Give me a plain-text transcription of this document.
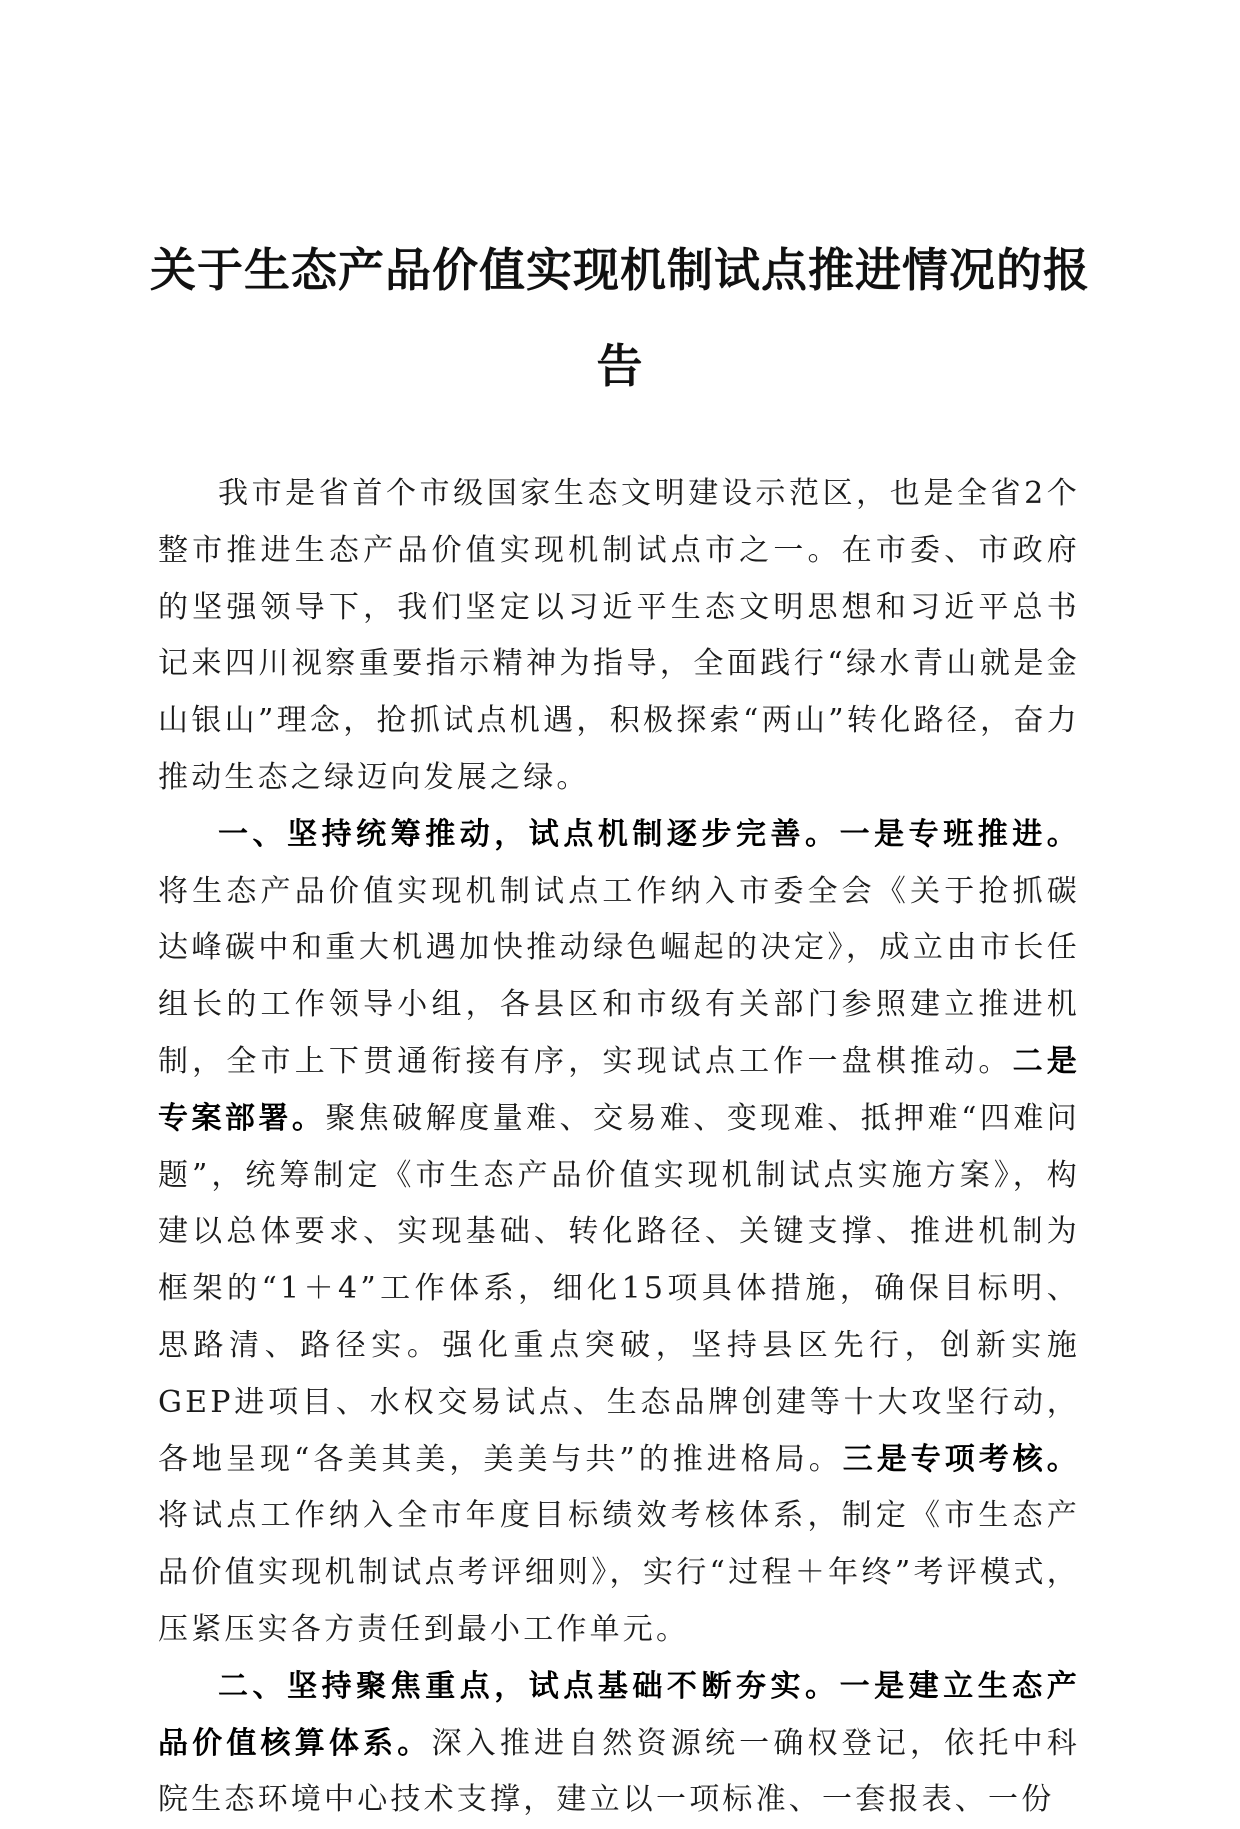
关于生态产品价值实现机制试点推进情况的报告

我市是省首个市级国家生态文明建设示范区，也是全省2个整市推进生态产品价值实现机制试点市之一。在市委、市政府的坚强领导下，我们坚定以习近平生态文明思想和习近平总书记来四川视察重要指示精神为指导，全面践行“绿水青山就是金山银山”理念，抢抓试点机遇，积极探索“两山”转化路径，奋力推动生态之绿迈向发展之绿。

一、坚持统筹推动，试点机制逐步完善。一是专班推进。将生态产品价值实现机制试点工作纳入市委全会《关于抢抓碳达峰碳中和重大机遇加快推动绿色崛起的决定》，成立由市长任组长的工作领导小组，各县区和市级有关部门参照建立推进机制，全市上下贯通衔接有序，实现试点工作一盘棋推动。二是专案部署。聚焦破解度量难、交易难、变现难、抵押难“四难问题”，统筹制定《市生态产品价值实现机制试点实施方案》，构建以总体要求、实现基础、转化路径、关键支撑、推进机制为框架的“1＋4”工作体系，细化15项具体措施，确保目标明、思路清、路径实。强化重点突破，坚持县区先行，创新实施GEP进项目、水权交易试点、生态品牌创建等十大攻坚行动，各地呈现“各美其美，美美与共”的推进格局。三是专项考核。将试点工作纳入全市年度目标绩效考核体系，制定《市生态产品价值实现机制试点考评细则》，实行“过程＋年终”考评模式，压紧压实各方责任到最小工作单元。

二、坚持聚焦重点，试点基础不断夯实。一是建立生态产品价值核算体系。深入推进自然资源统一确权登记，依托中科院生态环境中心技术支撑，建立以一项标准、一套报表、一份
